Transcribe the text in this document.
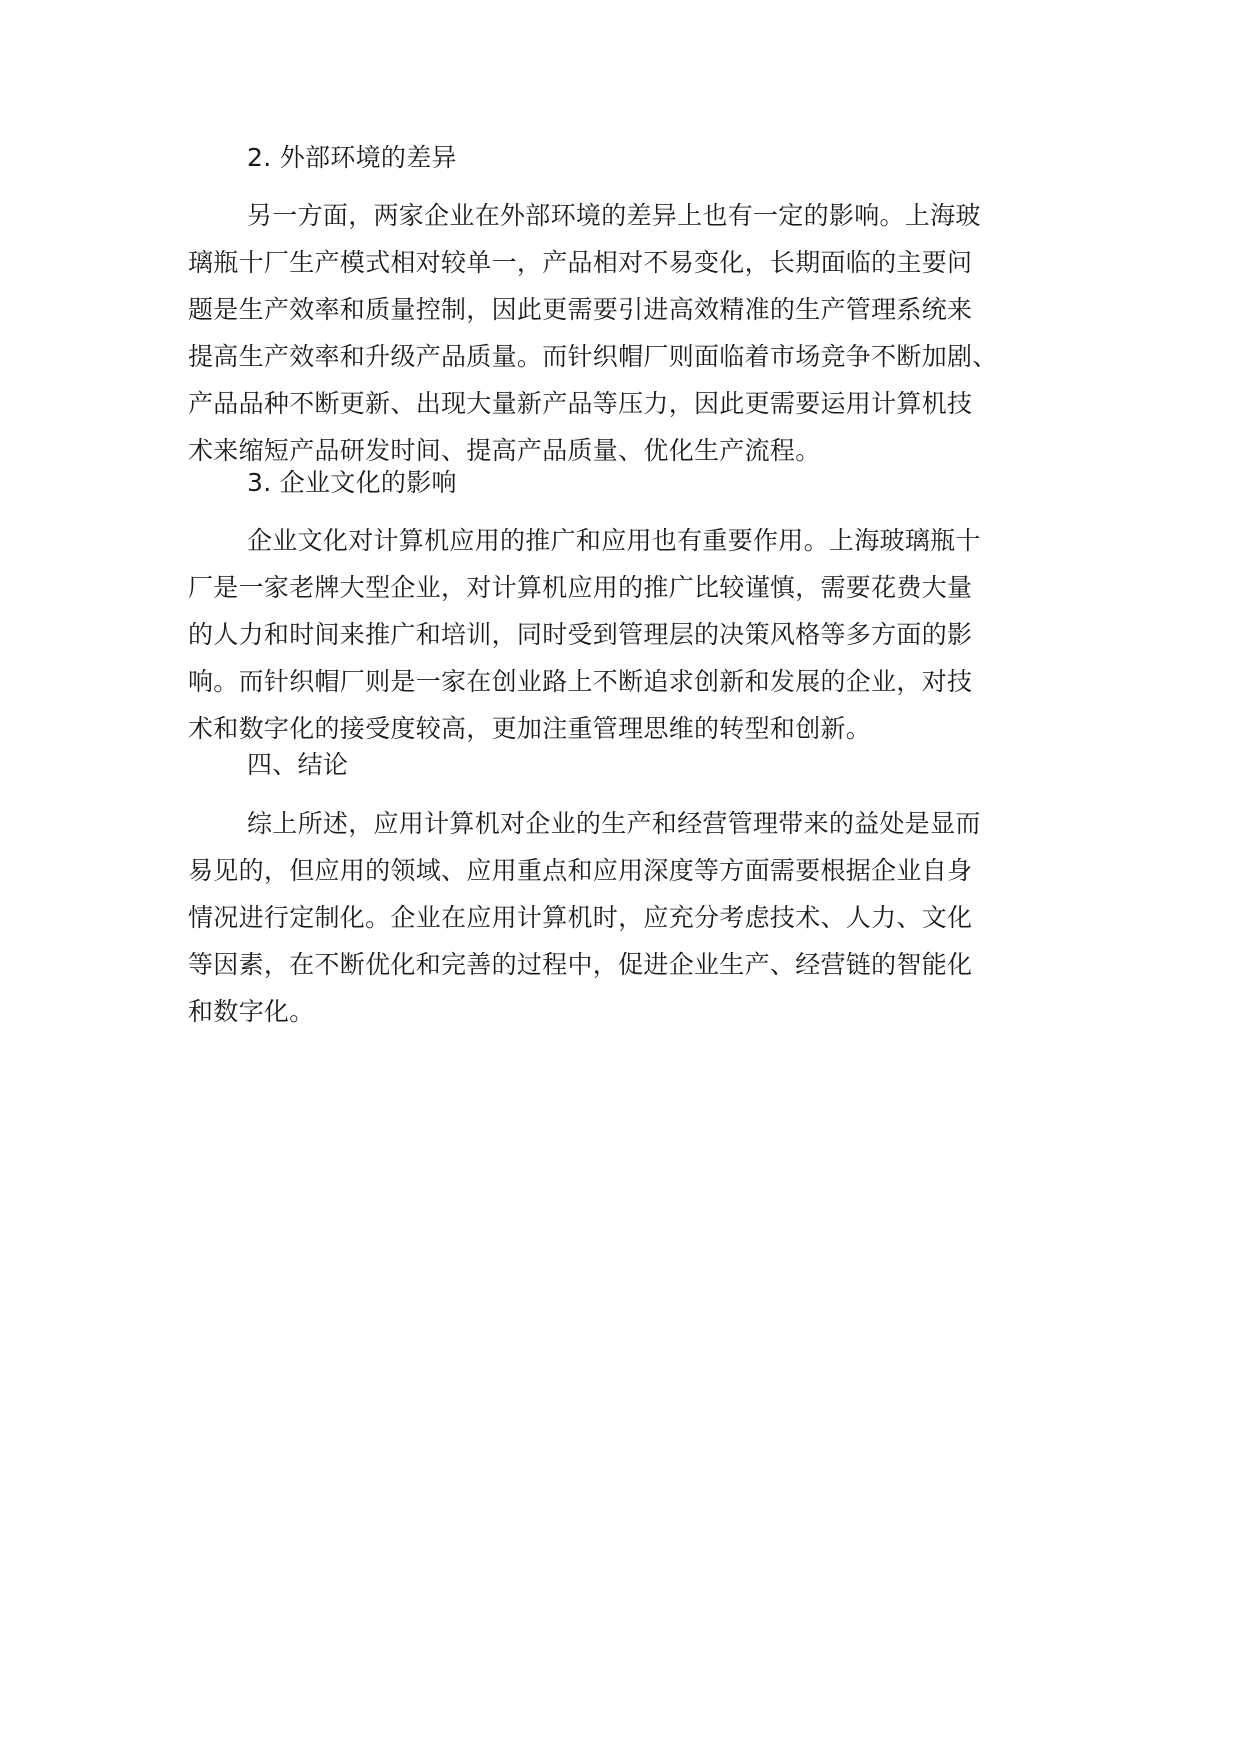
2. 外部环境的差异
另一方面，两家企业在外部环境的差异上也有一定的影响。上海玻
璃瓶十厂生产模式相对较单一，产品相对不易变化，长期面临的主要问
题是生产效率和质量控制，因此更需要引进高效精准的生产管理系统来
提高生产效率和升级产品质量。而针织帽厂则面临着市场竞争不断加剧、
产品品种不断更新、出现大量新产品等压力，因此更需要运用计算机技
术来缩短产品研发时间、提高产品质量、优化生产流程。
3. 企业文化的影响
企业文化对计算机应用的推广和应用也有重要作用。上海玻璃瓶十
厂是一家老牌大型企业，对计算机应用的推广比较谨慎，需要花费大量
的人力和时间来推广和培训，同时受到管理层的决策风格等多方面的影
响。而针织帽厂则是一家在创业路上不断追求创新和发展的企业，对技
术和数字化的接受度较高，更加注重管理思维的转型和创新。
四、结论
综上所述，应用计算机对企业的生产和经营管理带来的益处是显而
易见的，但应用的领域、应用重点和应用深度等方面需要根据企业自身
情况进行定制化。企业在应用计算机时，应充分考虑技术、人力、文化
等因素，在不断优化和完善的过程中，促进企业生产、经营链的智能化
和数字化。
